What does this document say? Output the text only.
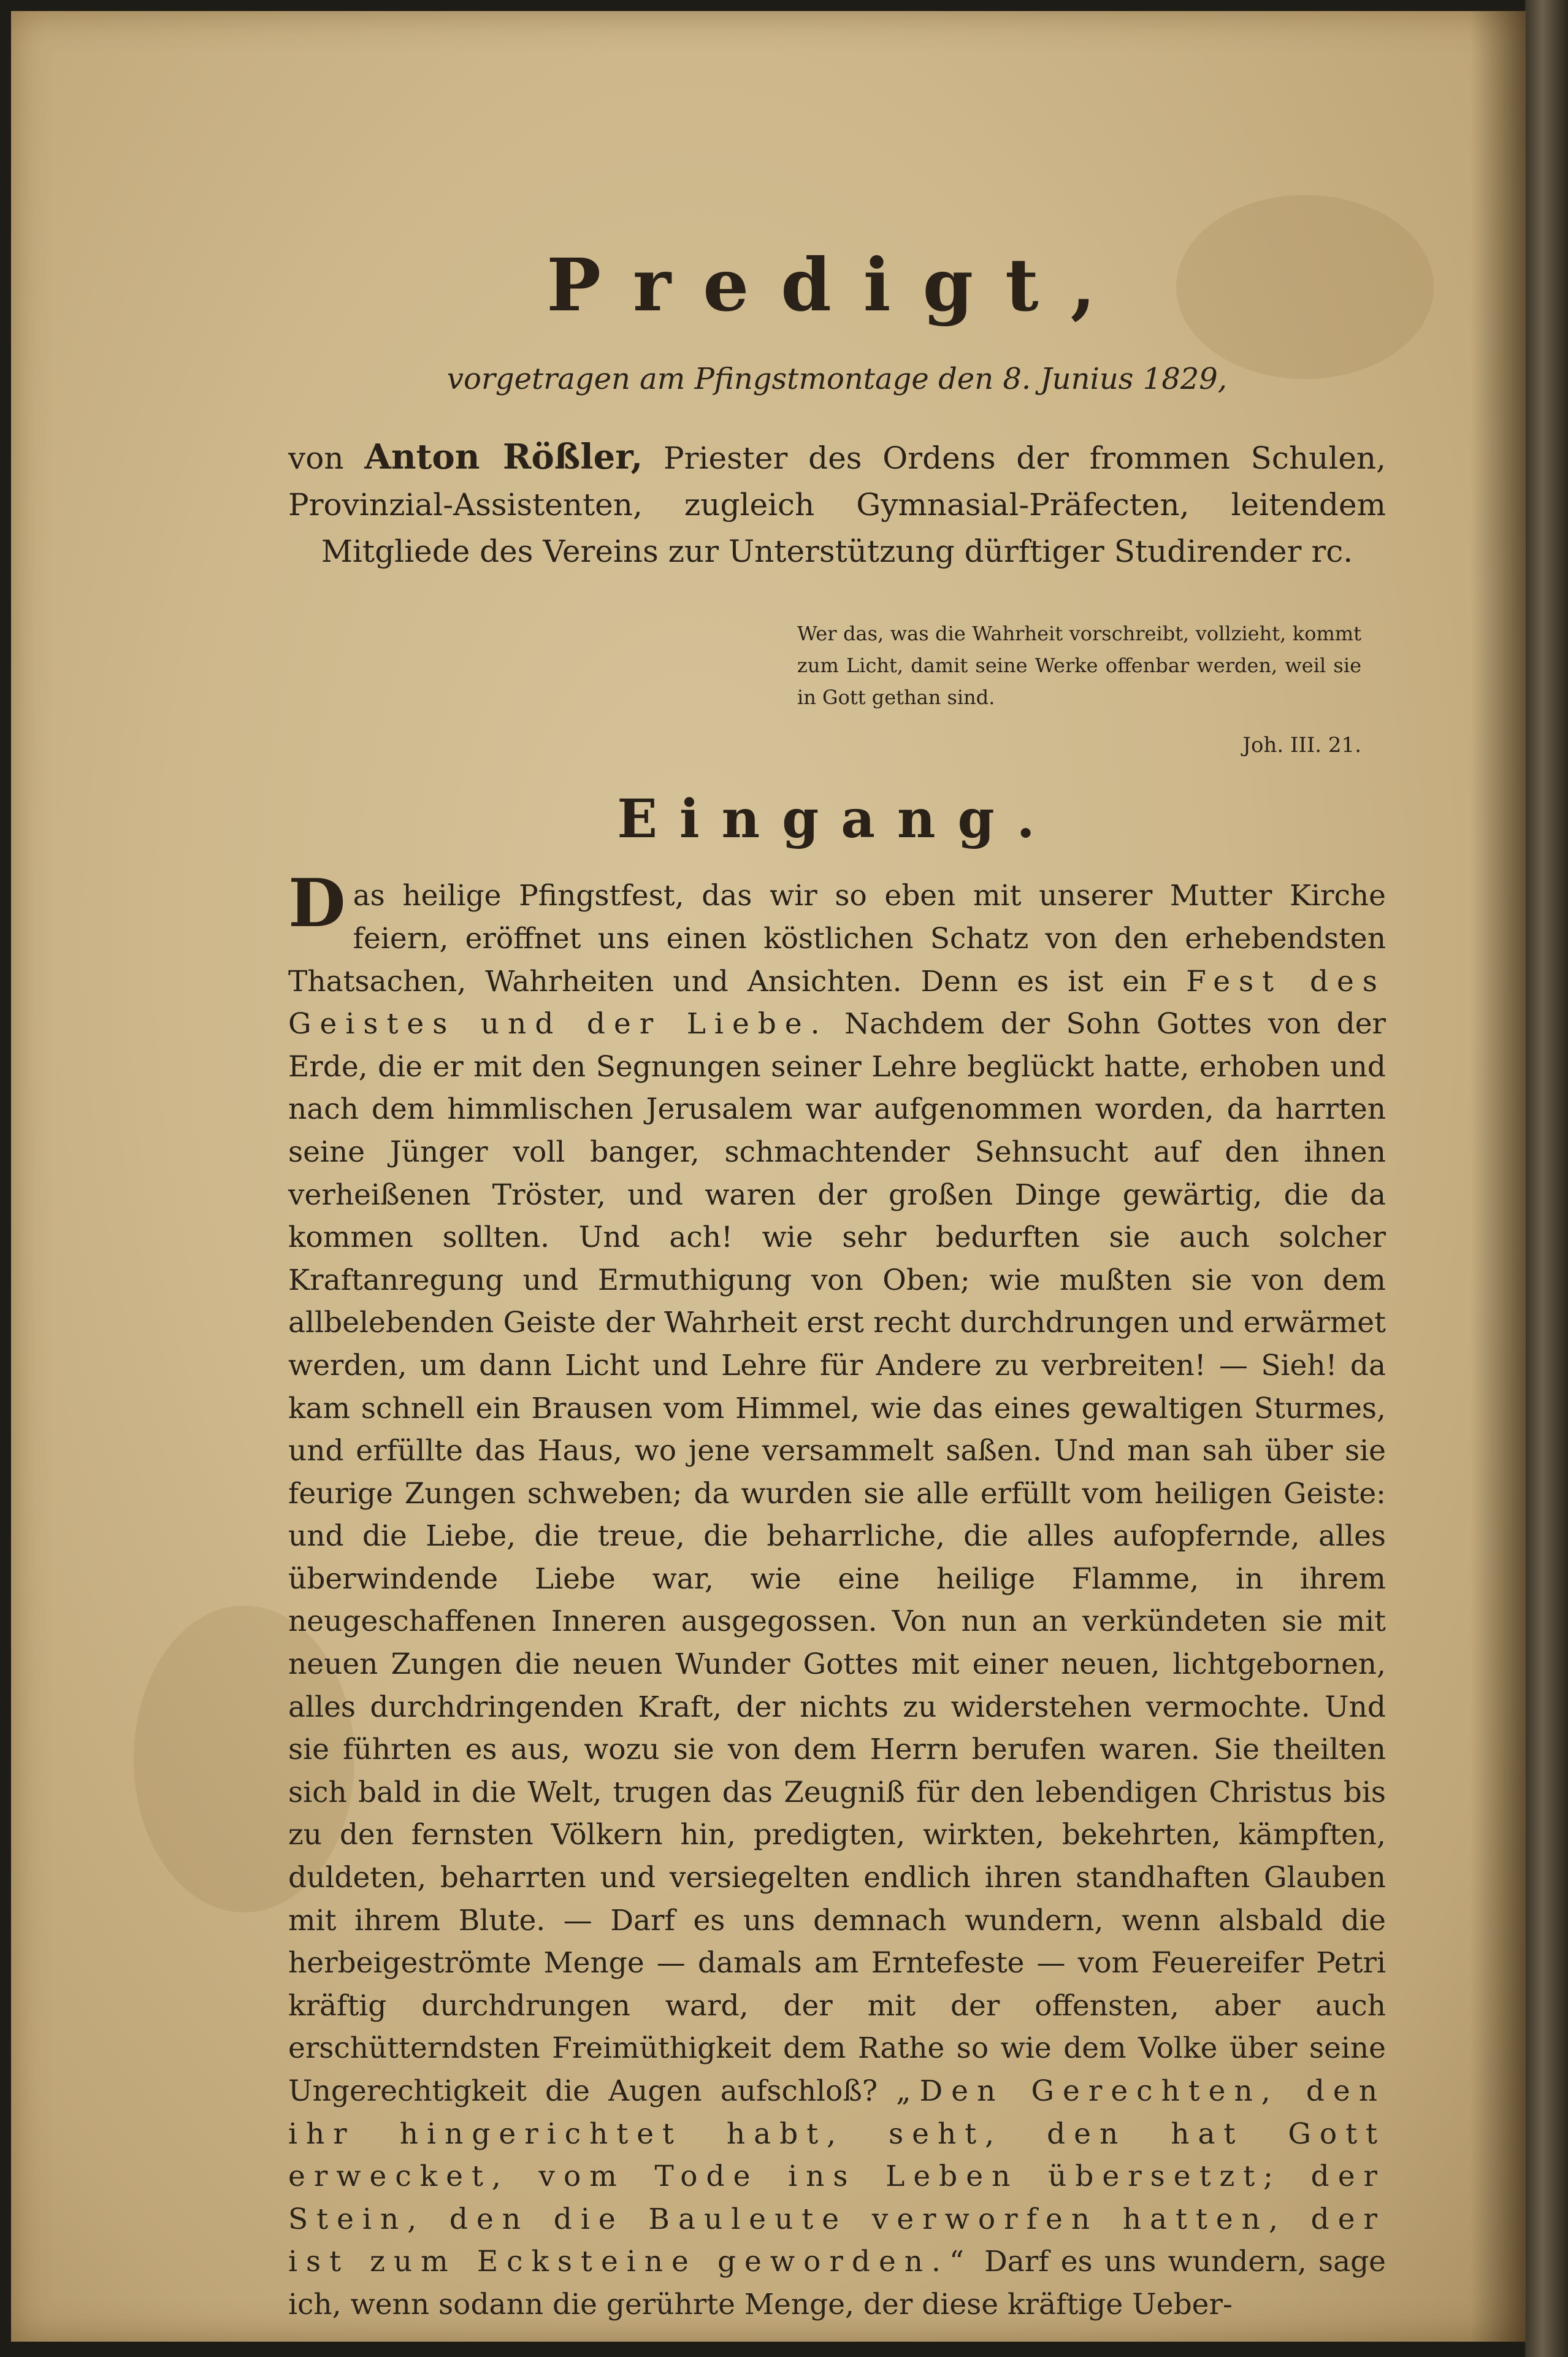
Predigt,

vorgetragen am Pfingstmontage den 8. Junius 1829,

von Anton Rößler, Priester des Ordens der frommen Schulen, Provinzial-Assistenten, zugleich Gymnasial-Präfecten, leitendem Mitgliede des Vereins zur Unterstützung dürftiger Studirender rc.

Wer das, was die Wahrheit vorschreibt, vollzieht, kommt zum Licht, damit seine Werke offenbar werden, weil sie in Gott gethan sind.

Joh. III. 21.

Eingang.

Das heilige Pfingstfest, das wir so eben mit unserer Mutter Kirche feiern, eröffnet uns einen köstlichen Schatz von den erhebendsten Thatsachen, Wahrheiten und Ansichten. Denn es ist ein Fest des Geistes und der Liebe. Nachdem der Sohn Gottes von der Erde, die er mit den Segnungen seiner Lehre beglückt hatte, erhoben und nach dem himmlischen Jerusalem war aufgenommen worden, da harrten seine Jünger voll banger, schmachtender Sehnsucht auf den ihnen verheißenen Tröster, und waren der großen Dinge gewärtig, die da kommen sollten. Und ach! wie sehr bedurften sie auch solcher Kraftanregung und Ermuthigung von Oben; wie mußten sie von dem allbelebenden Geiste der Wahrheit erst recht durchdrungen und erwärmet werden, um dann Licht und Lehre für Andere zu verbreiten! — Sieh! da kam schnell ein Brausen vom Himmel, wie das eines gewaltigen Sturmes, und erfüllte das Haus, wo jene versammelt saßen. Und man sah über sie feurige Zungen schweben; da wurden sie alle erfüllt vom heiligen Geiste: und die Liebe, die treue, die beharrliche, die alles aufopfernde, alles überwindende Liebe war, wie eine heilige Flamme, in ihrem neugeschaffenen Inneren ausgegossen. Von nun an verkündeten sie mit neuen Zungen die neuen Wunder Gottes mit einer neuen, lichtgebornen, alles durchdringenden Kraft, der nichts zu widerstehen vermochte. Und sie führten es aus, wozu sie von dem Herrn berufen waren. Sie theilten sich bald in die Welt, trugen das Zeugniß für den lebendigen Christus bis zu den fernsten Völkern hin, predigten, wirkten, bekehrten, kämpften, duldeten, beharrten und versiegelten endlich ihren standhaften Glauben mit ihrem Blute. — Darf es uns demnach wundern, wenn alsbald die herbeigeströmte Menge — damals am Erntefeste — vom Feuereifer Petri kräftig durchdrungen ward, der mit der offensten, aber auch erschütterndsten Freimüthigkeit dem Rathe so wie dem Volke über seine Ungerechtigkeit die Augen aufschloß? „Den Gerechten, den ihr hingerichtet habt, seht, den hat Gott erwecket, vom Tode ins Leben übersetzt; der Stein, den die Bauleute verworfen hatten, der ist zum Ecksteine geworden.“ Darf es uns wundern, sage ich, wenn sodann die gerührte Menge, der diese kräftige Ueber-
